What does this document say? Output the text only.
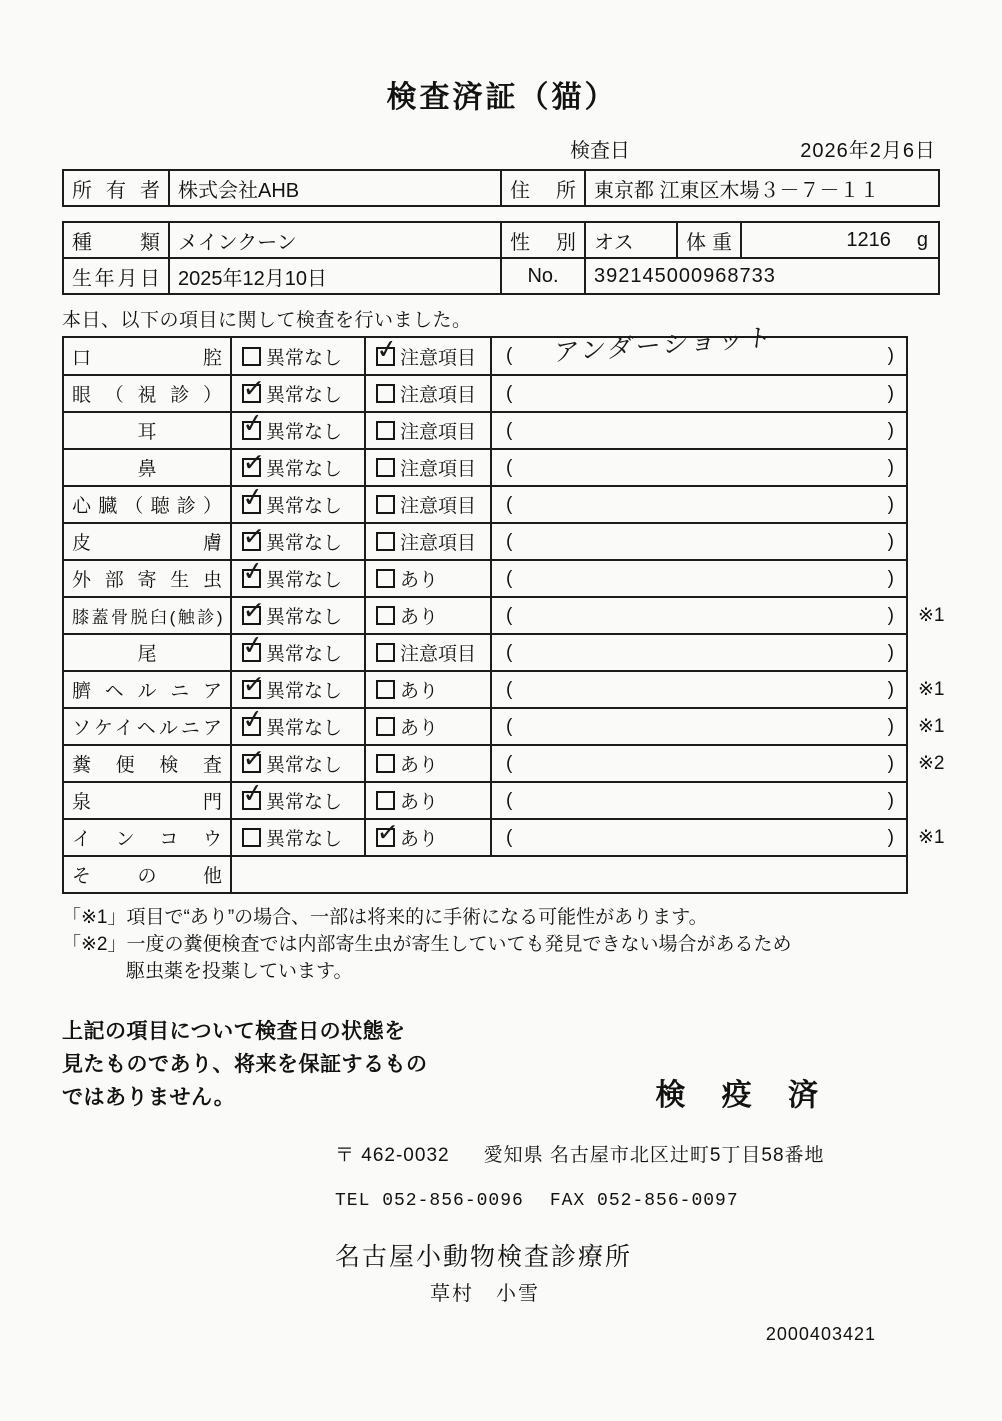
検査済証（猫）
検査日	2026年2月6日
所有者	株式会社AHB	住所	東京都 江東区木場３－７－１１
種類	メインクーン	性別	オス	体重	1216 g

生年月日	2025年12月10日	No.	392145000968733		
本日、以下の項目に関して検査を行いました。
口腔	異常なし	✓ 注意項目	( アンダーショット )	

眼（視診）	✓ 異常なし	注意項目	( )	

耳	✓ 異常なし	注意項目	( )	

鼻	✓ 異常なし	注意項目	( )	

心臓（聴診）	✓ 異常なし	注意項目	( )	

皮膚	✓ 異常なし	注意項目	( )	

外部寄生虫	✓ 異常なし	あり	( )	

膝蓋骨脱臼(触診)	✓ 異常なし	あり	( )	※1
尾	✓ 異常なし	注意項目	( )	

臍ヘルニア	✓ 異常なし	あり	( )	※1
ソケイヘルニア	✓ 異常なし	あり	( )	※1
糞便検査	✓ 異常なし	あり	( )	※2
泉門	✓ 異常なし	あり	( )	

インコウ	異常なし	✓ あり	( )	※1
その他				
「※1」項目で“あり”の場合、一部は将来的に手術になる可能性があります。
「※2」一度の糞便検査では内部寄生虫が寄生していても発見できない場合があるため
駆虫薬を投薬しています。
上記の項目について検査日の状態を
見たものであり、将来を保証するもの
ではありません。	検 疫 済
〒 462-0032 愛知県 名古屋市北区辻町5丁目58番地
TEL 052-856-0096 FAX 052-856-0097
名古屋小動物検査診療所
草村　小雪
2000403421
